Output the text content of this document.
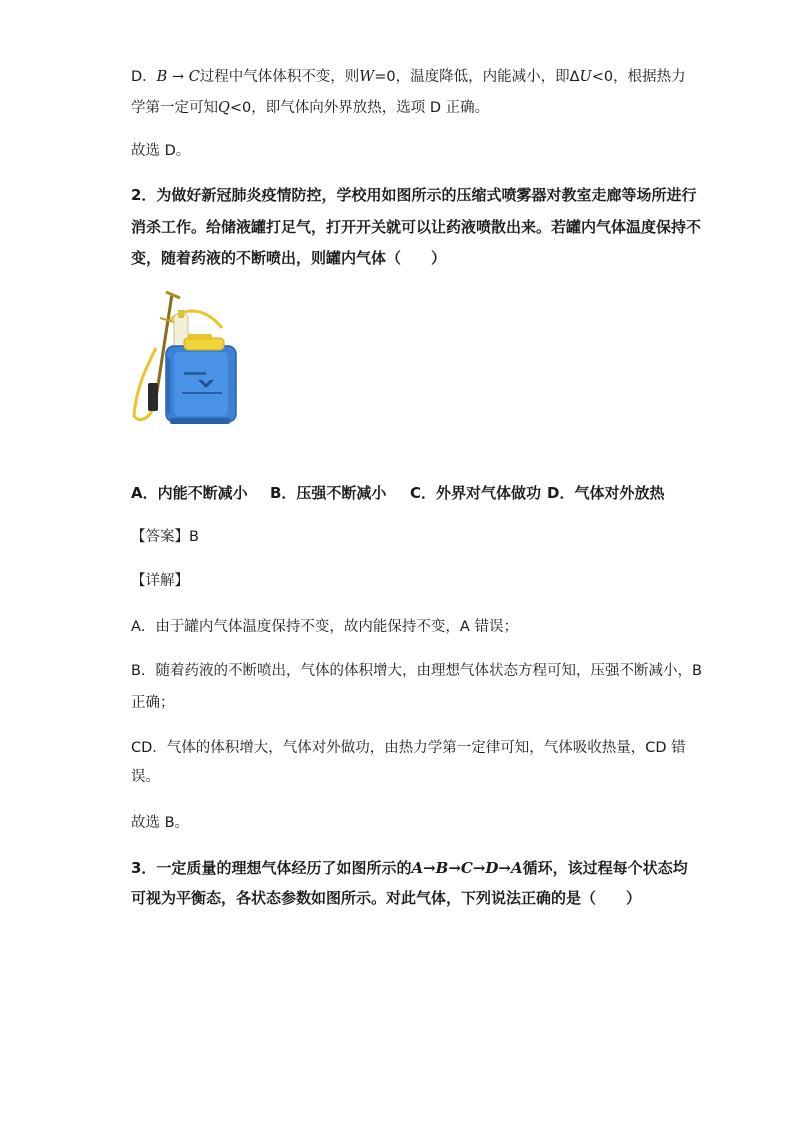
D．B → C过程中气体体积不变，则W=0，温度降低，内能减小，即ΔU<0，根据热力
学第一定可知Q<0，即气体向外界放热，选项 D 正确。
故选 D。
2．为做好新冠肺炎疫情防控，学校用如图所示的压缩式喷雾器对教室走廊等场所进行
消杀工作。给储液罐打足气，打开开关就可以让药液喷散出来。若罐内气体温度保持不
变，随着药液的不断喷出，则罐内气体（　　）
A．内能不断减小 B．压强不断减小 C．外界对气体做功 D．气体对外放热
【答案】B
【详解】
A．由于罐内气体温度保持不变，故内能保持不变，A 错误；
B．随着药液的不断喷出，气体的体积增大，由理想气体状态方程可知，压强不断减小，B
正确；
CD．气体的体积增大，气体对外做功，由热力学第一定律可知，气体吸收热量，CD 错
误。
故选 B。
3．一定质量的理想气体经历了如图所示的A→B→C→D→A循环，该过程每个状态均
可视为平衡态，各状态参数如图所示。对此气体，下列说法正确的是（　　）
